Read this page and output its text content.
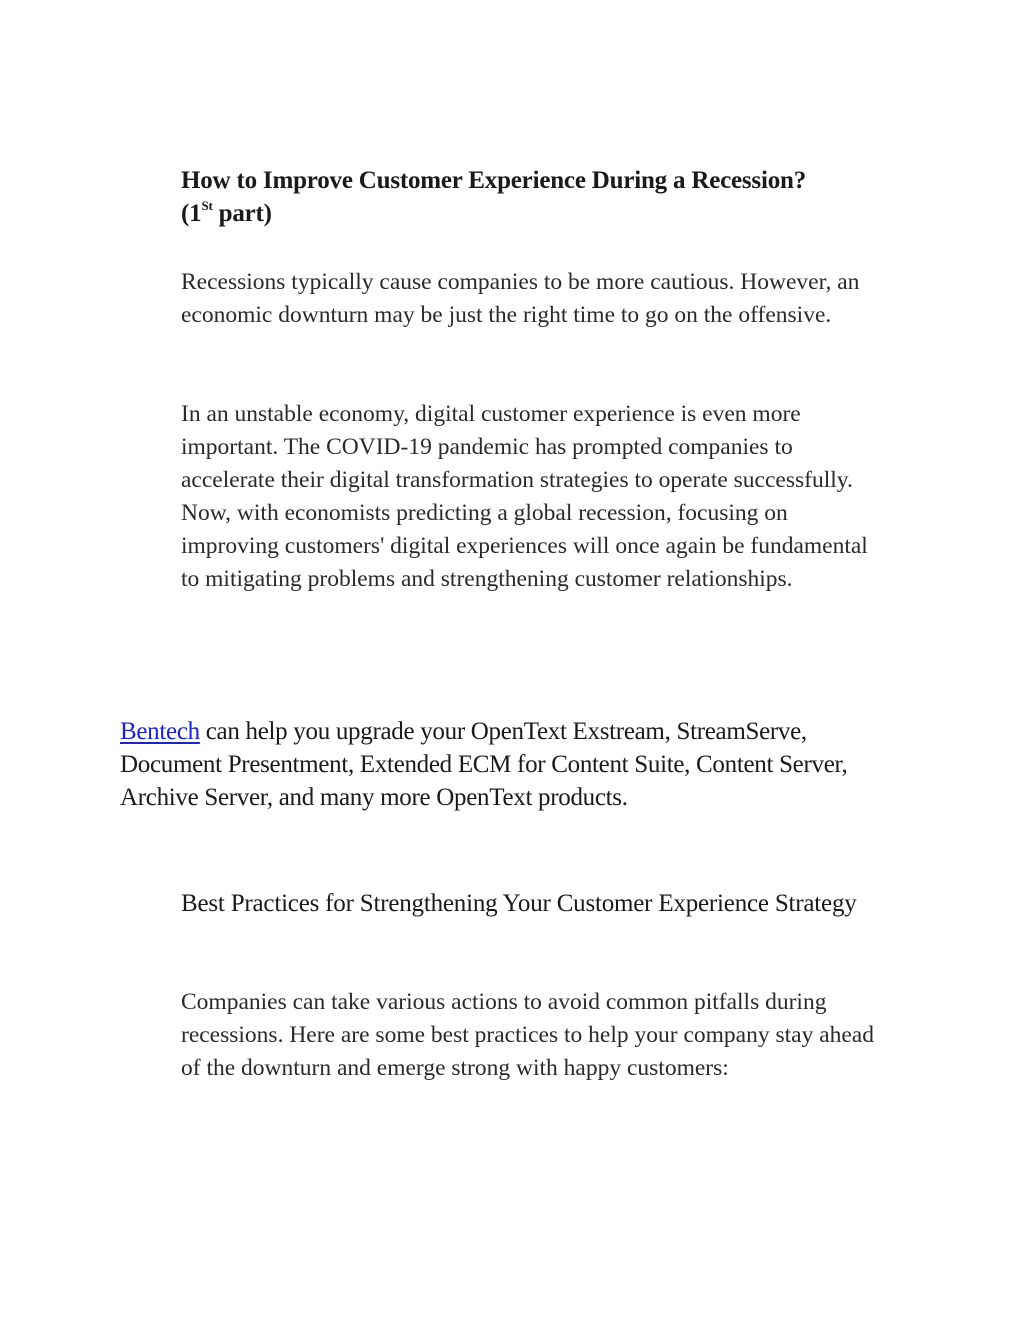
How to Improve Customer Experience During a Recession?
(1St part)

Recessions typically cause companies to be more cautious. However, an economic downturn may be just the right time to go on the offensive.

In an unstable economy, digital customer experience is even more important. The COVID-19 pandemic has prompted companies to accelerate their digital transformation strategies to operate successfully. Now, with economists predicting a global recession, focusing on improving customers' digital experiences will once again be fundamental to mitigating problems and strengthening customer relationships.

Bentech can help you upgrade your OpenText Exstream, StreamServe, Document Presentment, Extended ECM for Content Suite, Content Server, Archive Server, and many more OpenText products.

Best Practices for Strengthening Your Customer Experience Strategy

Companies can take various actions to avoid common pitfalls during recessions. Here are some best practices to help your company stay ahead of the downturn and emerge strong with happy customers:
